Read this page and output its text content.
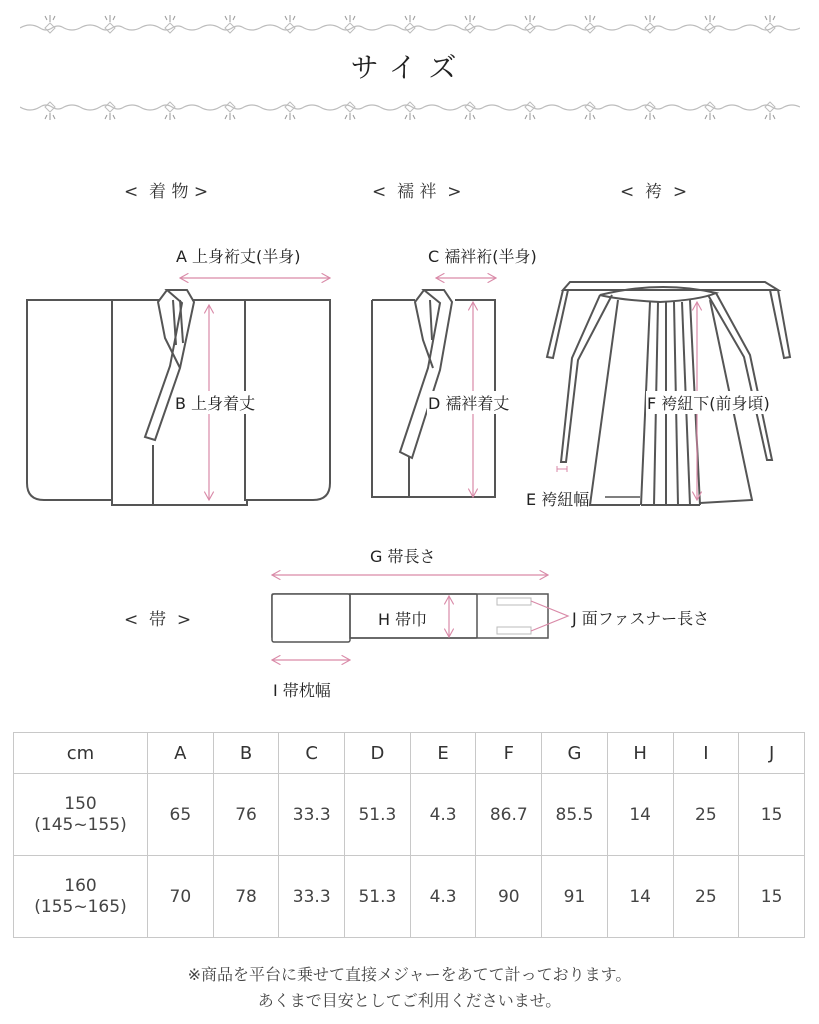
サイズ
<  着 物 >	<  襦 袢  >	<  袴  >
<  帯  >
A 上身裄丈(半身)
B 上身着丈
C 襦袢裄(半身)
D 襦袢着丈
E 袴紐幅
F 袴紐下(前身頃)
G 帯長さ
H 帯巾
I 帯枕幅
J 面ファスナー長さ
cm	A	B	C	D	E	F	G	H	I	J

150
(145~155)	65	76	33.3	51.3	4.3	86.7	85.5	14	25	15

160
(155~165)	70	78	33.3	51.3	4.3	90	91	14	25	15
※商品を平台に乗せて直接メジャーをあてて計っております。
あくまで目安としてご利用くださいませ。
